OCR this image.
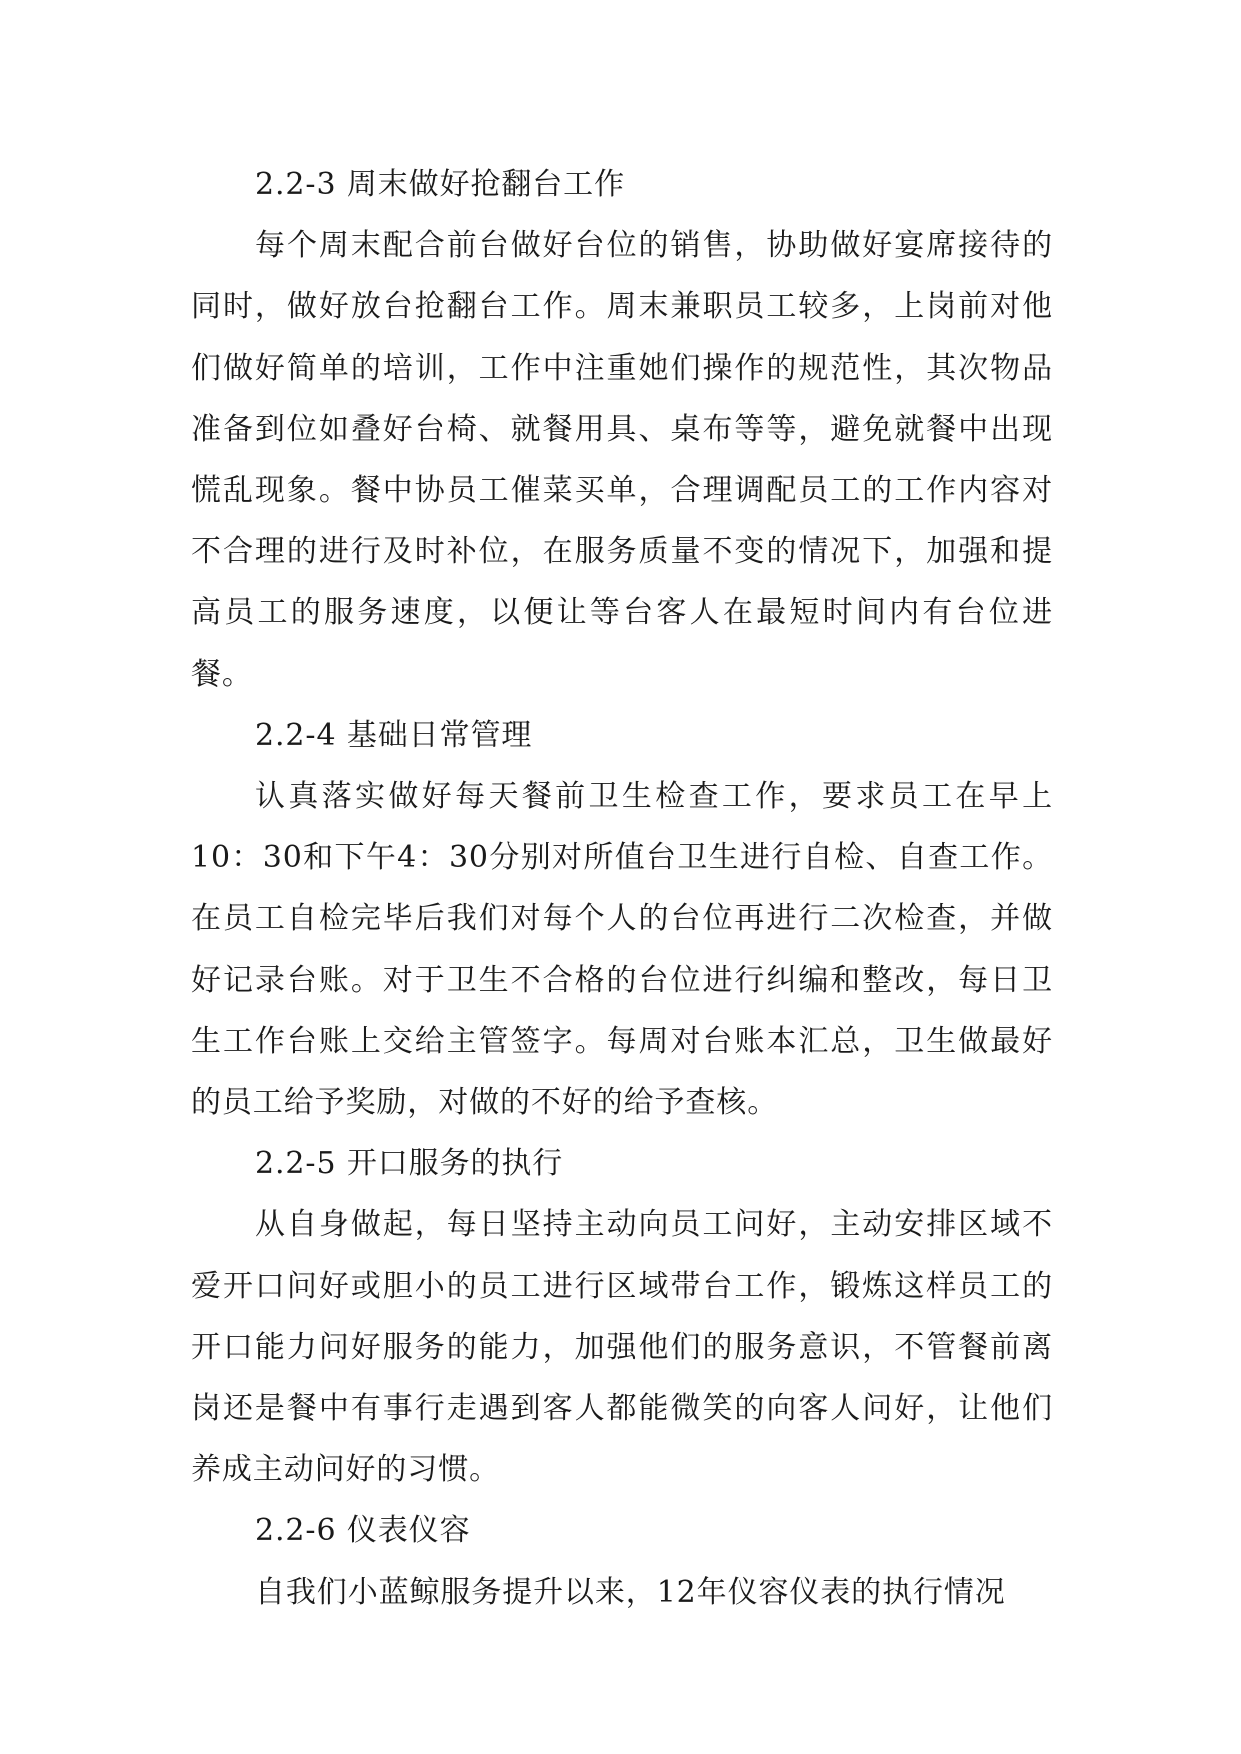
2.2-3 周末做好抢翻台工作

每个周末配合前台做好台位的销售，协助做好宴席接待的同时，做好放台抢翻台工作。周末兼职员工较多，上岗前对他们做好简单的培训，工作中注重她们操作的规范性，其次物品准备到位如叠好台椅、就餐用具、桌布等等，避免就餐中出现慌乱现象。餐中协员工催菜买单，合理调配员工的工作内容对不合理的进行及时补位，在服务质量不变的情况下，加强和提高员工的服务速度，以便让等台客人在最短时间内有台位进餐。

2.2-4 基础日常管理

认真落实做好每天餐前卫生检查工作，要求员工在早上10：30和下午4：30分别对所值台卫生进行自检、自查工作。在员工自检完毕后我们对每个人的台位再进行二次检查，并做好记录台账。对于卫生不合格的台位进行纠编和整改，每日卫生工作台账上交给主管签字。每周对台账本汇总，卫生做最好的员工给予奖励，对做的不好的给予查核。

2.2-5 开口服务的执行

从自身做起，每日坚持主动向员工问好，主动安排区域不爱开口问好或胆小的员工进行区域带台工作，锻炼这样员工的开口能力问好服务的能力，加强他们的服务意识，不管餐前离岗还是餐中有事行走遇到客人都能微笑的向客人问好，让他们养成主动问好的习惯。

2.2-6 仪表仪容

自我们小蓝鲸服务提升以来，12年仪容仪表的执行情况
